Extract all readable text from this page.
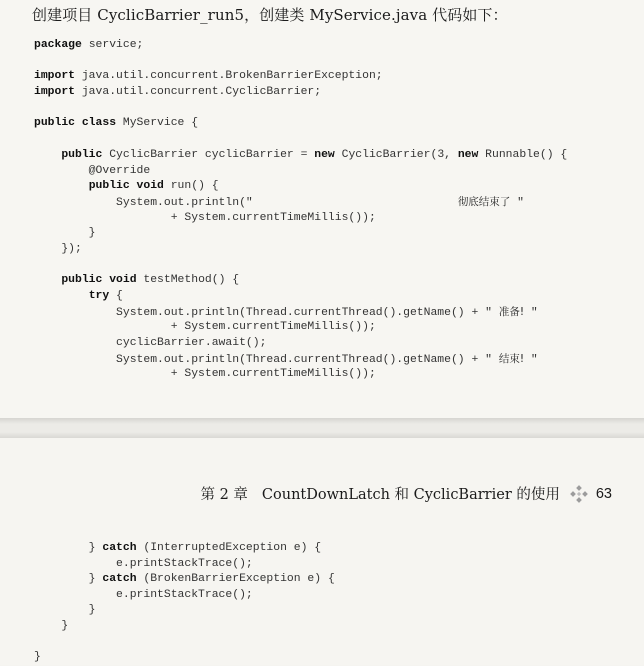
创建项目 CyclicBarrier_run5，创建类 MyService.java 代码如下：
package service;

import java.util.concurrent.BrokenBarrierException;
import java.util.concurrent.CyclicBarrier;

public class MyService {

public CyclicBarrier cyclicBarrier = new CyclicBarrier(3, new Runnable() {
@Override
public void run() {
System.out.println("                              彻底结束了 "
+ System.currentTimeMillis());
}
});

public void testMethod() {
try {
System.out.println(Thread.currentThread().getName() + " 准备! "
+ System.currentTimeMillis());
cyclicBarrier.await();
System.out.println(Thread.currentThread().getName() + " 结束! "
+ System.currentTimeMillis());
第 2 章 CountDownLatch 和 CyclicBarrier 的使用 63
} catch (InterruptedException e) {
e.printStackTrace();
} catch (BrokenBarrierException e) {
e.printStackTrace();
}
}

}
